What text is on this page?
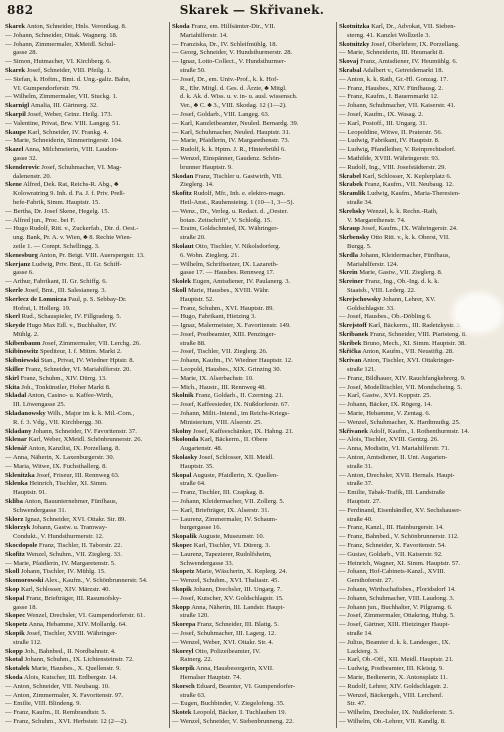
882	Skarek — Skřivanek.
Skarek Anton, Schneider, Hnls. Veronikag. 8.
— Johann, Schneider, Ottak. Wagnerg. 18.
— Johann, Zimmermaler, XMeidl. Schul-
gasse 28.
— Simon, Hutmacher, VI. Kirchberg. 6.
Skarek Josef, Schneider, VIII. Pfeilg. 1.
— Stefan, k. Hoftm., Bmt. d. Ung.-galiz. Bahn,
VI. Gumpendorferstr. 79.
— Wilhelm, Zimmermaler, VII. Stuckg. 1.
Skarnigl Amalia, III. Gärtnerg. 32.
Skarpil Josef, Weber, Grinz. Heilg. 173.
— Valentine, Privat, Brw. VIII. Langeg. 51.
Skaupe Karl, Schneider, IV. Frankg. 4.
— Marie, Schneiderin, Simmeringerstr. 104.
Skazel Anna, Milchmeierin, VIII. Laudon-
gasse 32.
Skenderovic Josef, Schuhmacher, VI. Mag-
dalenenstr. 20.
Skene Alfred, Dek. Rat, Reichs-R. Abg., ♣
Kolowratring 9. Inh. d. Fa. J. f. Priv. Preß-
hefe-Fabrik, Simm. Hauptstr. 15.
— Bertha, Dr. Josef Skene, Hegelg. 15.
— Alfred jun., Proc. bei F.
— Hugo Rudolf, Ritt. v., Zuckerfab., Dir. d. Oest.-
ung. Bank, Pr. A. v. Wien, ♣ 8. Rechte Wien-
zeile 1. — Compt. Schellingg. 3.
Skenesburg Anton, Pr. Beigt. VIII. Auerspergstr. 13.
Skerjanz Ludwig, Priv. Bmt., II. Gr. Schiff-
gasse 6.
— Arthur, Fabrikant, II. Gr. Schiffg. 6.
Skerle Josef, Bmt., III. Salesianerg. 3.
Skerlecz de Lomnicza Paul, p. S. Sebbay-Dr.
Hofrat, I. Hollerg. 19.
Skerl Rud., Schauspieler, IV. Fillgraderg. 5.
Skeyde Hugo Max Edl. v., Buchhalter, IV.
Mühlg. 2.
Skibenbaum Josef, Zimmermaler, VII. Lerchg. 26.
Skibinowitz Spediteur, I. f. Mittm. Markt 2.
Skibniewski Stan., Privat, IV. Wiedner Hptstr. 8.
Skiller Franz, Schneider, VI. Mariahilferstr. 20.
Skirl Franz, Schuhm., XIV. Dürrg. 13.
Skita Joh., Tonkünstler, Hoher Markt 8.
Skladal Anton, Casino- u. Kaffee-Wirth,
III. Löwengasse 25.
Skladanowsky Wilh., Major im k. k. Mil.-Com.,
R. f. 3. Vdg., VII. Kirchbergg. 30.
Skladany Johann, Schneider, IV. Favoritenstr. 37.
Sklenar Karl, Weber, XMeidl. Schönbrunnerstr. 26.
Sklenář Anton, Kanzlist, IX. Porzellang. 8.
— Anna, Näherin, X. Laxenburgerstr. 30.
— Maria, Witwe, IX. Fuchsthallerg. 8.
Sklenitzka Josef, Friseur, III. Rennweg 63.
Sklenka Heinrich, Tischler, XI. Simm.
Hauptstr. 91.
Skliba Anton, Bauunternehmer, Fünfhaus,
Schwendergasse 31.
Sklorz Ignaz, Schneider, XVI. Ottakr. Str. 89.
Sklorzyk Johann, Gastw. u. Tramway-
Condukt., V. Hundsthurmerstr. 12.
Skocdopole Franz, Tischler, II. Taborstr. 22.
Skofitz Wenzel, Schuhm., VII. Zieglerg. 33.
— Marie, Pfaidlerin, IV. Margaretenstr. 5.
Skoll Johann, Tischler, IV. Mühlg. 15.
Skomorowski Alex., Kaufm., V. Schönbrunnerstr. 54.
Skop Karl, Schlosser, XIV. Märzstr. 40.
Skopal Franz, Briefträger, III. Rasumofsky-
gasse 18.
Skopec Wenzel, Drechsler, VI. Gumpendorferstr. 61.
Skopetz Anna, Hebamme, XIV. Mollardg. 64.
Skopik Josef, Tischler, XVIII. Währinger-
straße 112.
Skopp Joh., Bahnbed., II. Nordbahnstr. 4.
Skotal Johann, Schuhm., IX. Lichtensteinstr. 72.
Skotalek Marie, Hausbes., X. Quellenstr. 9.
Skoda Alois, Kutscher, III. Erdbergstr. 14.
— Anton, Schneider, VII. Neubaug. 10.
— Anton, Zimmermaler, X. Favoritenstr. 97.
— Emilie, VIII. Blindeng. 9.
— Franz, Kaufm., II. Rembrandtstr. 5.
— Franz, Schuhm., XVI. Herbststr. 12 (2—2).
Skoda Franz, em. Hilfsämter-Dir., VII.
Mariahilferstr. 14.
— Franziska, Dr., IV. Schleifmühlg. 18.
— Georg, Schneider, V. Hundsthurmerstr. 28.
— Ignaz, Lotto-Collect., V. Hundsthurmer-
straße 50.
— Josef, Dr., em. Univ.-Prof., k. k. Hof-
R., Ehr. Mitgl. d. Ges. d. Ärzte, ♣ Mitgl.
d. k. Ak. d. Wiss. u. v. in- u. ausl. wissensch.
Ver., ♣ C. ♣ 3., VIII. Skodag. 12 (1—2).
— Josef, Goldarb., VIII. Langeg. 63.
— Karl, Kanzleibeamter, Neuled. Bernardg. 39.
— Karl, Schuhmacher, Neuled. Hauptstr. 31.
— Marie, Pfaidlerin, IV. Margarethenstr. 73.
— Rudolf, k. k. Hptm. J. R., Hinterbrühl 6.
— Wenzel, Einspänner, Gaudenz. Schön-
brunner Hauptstr. 9.
Skodan Franz, Tischler u. Gastwirth, VII.
Zieglerg. 14.
Skofitz Rudolf, Mfr., Inh. e. elektro-magn.
Heil-Anst., Rauhensteing. 1 (10—1, 3—5).
— Wenz., Dr., Verleg. u. Redact. d. „Oester.
botan. Zeitschrift“, V. Schloßg. 15.
— Eraim, Goldschmied, IX. Währinger-
straße 20.
Skolaut Otto, Tischler, V. Nikolsdorferg.
6. Wohn. Zieglerg. 21.
— Wilhelm, Schriftsetzer, IX. Lazareth-
gasse 17. — Hausbes. Rennweg 17.
Skolek Eugen, Amtsdiener, IV. Paulanerg. 3.
Skoll Marie, Hausbes., XVIII. Währ.
Hauptstr. 52.
— Franz, Schuhm., XVI. Hauptstr. 89.
— Hugo, Fabrikant, Hietzing 3.
— Ignaz, Malermeister, X. Favoritenstr. 149.
— Josef, Postbeamter, XIII. Penzinger-
straße 88.
— Josef, Tischler, VII. Zieglerg. 26.
— Johann, Kaufm., IV. Wiedner Hauptstr. 12.
— Leopold, Hausbes., XIX. Grinzing 30.
— Marie, IX. Alserbachstr. 10.
— Mich., Haustr., III. Rennweg 48.
Skolnik Franz, Goldarb., II. Czerning. 21.
— Josef, Kaffeesieder, IX. Nußdorferstr. 67.
— Johann, Milit.-Intend., im Reichs-Kriegs-
Ministerium, VIII. Alserstr. 25.
Skolny Josef, Kaffeeschänker, IX. Hahng. 21.
Skolonda Karl, Bäckerm., II. Obere
Augartenstr. 48.
Skolasky Josef, Schlosser, XII. Meidl.
Hauptstr. 35.
Skopal Auguste, Pfaidlerin, X. Quellen-
straße 64.
— Franz, Tischler, III. Czapkag. 8.
— Johann, Kleidermacher, VII. Zollerg. 5.
— Karl, Briefträger, IX. Alserstr. 31.
— Laurenz, Zimmermaler, IV. Schaum-
burgergasse 16.
Skopalik Auguste, Museumstr. 10.
Skopec Karl, Tischler, VI. Dürerg. 3.
— Laurenz, Tapezierer, Rudolfsheim,
Schwendergasse 33.
Skopetz Marie, Wäscherin, X. Keplerg. 24.
— Wenzel, Schuhm., XVI. Thaliastr. 45.
Skopik Johann, Drechsler, III. Ungarg. 7.
— Josef, Kutscher, XV. Goldschlagstr. 15.
Skopp Anna, Näherin, III. Landstr. Haupt-
straße 120.
Skorepa Franz, Schneider, III. Blattg. 5.
— Josef, Schuhmacher, III. Lagerg. 12.
— Wenzel, Weber, XVI. Ottakr. Str. 4.
Skoreyl Otto, Polizeibeamter, IV.
Rainerg. 22.
Skorpik Anna, Hausbesorgerin, XVII.
Hernalser Hauptstr. 74.
Skorsch Eduard, Beamter, VI. Gumpendorfer-
straße 63.
— Eugen, Buchbinder, V. Ziegelofeng. 35.
Skotek Leopold, Bäcker, I. Tuchlauben 19.
— Wenzel, Schneider, V. Siebenbrunneng. 22.
Skotnitzka Karl, Dr., Advokat, VII. Sieben-
sterng. 41. Kanzlei Wollzeile 3.
Skotnitzky Josef, Oberlehrer, IX. Porzellang.
— Marie, Schneiderin, III. Heumarkt 8.
Skovaj Franz, Amtsdiener, IV. Heumühlg. 6.
Skrabal Adalbert v., Getreidemarkt 18.
— Anton, k. k. Rath, Gr.-Hl. Gonzag. 17.
— Franz, Hausbes., XIV. Fünfhausg. 2.
— Franz, Kaufm., I. Bauernmarkt 12.
— Johann, Schuhmacher, VII. Kaiserstr. 41.
— Josef, Kaufm., IX. Wasag. 2.
— Karl, Postoff., III. Ungarg. 31.
— Leopoldine, Witwe, II. Praterstr. 56.
— Ludwig, Fabrikant, IV. Hauptstr. 8.
— Ludwig, Pfandleiher, V. Reinprechtsdorf.
— Mathilde, XVIII. Währingerstr. 93.
— Rudolf, Ing., VIII. Josefstädterstr. 29.
Skrabel Karl, Schlosser, X. Keplerplatz 6.
Skrabek Franz, Kaufm., VII. Neubaug. 12.
Skramlik Ludwig, Kaufm., Maria-Theresien-
straße 34.
Skrehsky Wenzel, k. k. Rechn.-Rath,
V. Margarethenstr. 74.
Skraup Josef, Kaufm., IX. Währingerstr. 24.
Skrbensky Otto Ritt. v., k. k. Oberst, VII.
Burgg. 5.
Skrdla Johann, Kleidermacher, Fünfhaus,
Mariahilferstr. 124.
Skrein Marie, Gastw., VII. Zieglerg. 8.
Skreiner Franz, Ing., Ob.-Ing. d. k. k.
Staatsb., VIII. Lederg. 22.
Skrejschowsky Johann, Lehrer, XV.
Goldschlagstr. 33.
— Josef, Hausbes., Ob.-Döbling 6.
Skrejstoff Karl, Bäckerm., III. Radetzkystr. 3.
Skribanek Franz, Schneider, VIII. Piaristeng. 8.
Skribek Bruno, Mech., XI. Simm. Hauptstr. 38.
Skřička Anton, Kaufm., VII. Neustiftg. 28.
Skrivan Anton, Tischler, XVI. Ottakringer-
straße 121.
— Franz, Bildhauer, XIV. Rauchfangkehrerg. 9.
— Josef, Modelltischler, VII. Mondscheing. 5.
— Karl, Gastw., XVI. Koppstr. 25.
— Johann, Bäcker, IX. Rögerg. 14.
— Marie, Hebamme, V. Zentag. 6.
— Wenzel, Schuhmacher, X. Hardtmuthg. 25.
Skřivanek Adolf, Kaufm., I. Rothenthurmstr. 14.
— Alois, Tischler, XVIII. Gentzg. 26.
— Anna, Modistin, VI. Mariahilferstr. 71.
— Anton, Amtsdiener, II. Unt. Augarten-
straße 31.
— Anton, Drechsler, XVII. Hernals. Haupt-
straße 37.
— Emilie, Tabak-Trafik, III. Landstraße
Hauptstr. 27.
— Ferdinand, Eisenhändler, XV. Sechshauser-
straße 40.
— Franz, Kanzl., III. Hainburgerstr. 14.
— Franz, Bahnbed., V. Schönbrunnerstr. 112.
— Franz, Schneider, X. Favoritenstr. 54.
— Gustav, Goldarb., VII. Kaiserstr. 92.
— Heinrich, Wagner, XI. Simm. Hauptstr. 57.
— Johann, Hof-Cabinets-Kanzl., XVIII.
Gersthoferstr. 27.
— Johann, Wirthschaftsbes., Floridsdorf 14.
— Johann, Schuhmacher, VIII. Laudong. 3.
— Johann jun., Buchhalter, V. Pilgramg. 6.
— Josef, Zimmermaler, Ottakring, Hubg. 5.
— Josef, Gärtner, XIII. Hietzinger Haupt-
straße 14.
— Julius, Beamter d. k. k. Landesger., IX.
Lackierg. 3.
— Karl, Ob.-Off., XII. Meidl. Hauptstr. 21.
— Ludwig, Postbeamter, III. Kleistg. 9.
— Marie, Bedienerin, X. Antonsplatz 11.
— Rudolf, Lehrer, XIV. Goldschlagstr. 2.
— Wenzel, Bäckergeh., VIII. Lerchenf.
Str. 47.
— Wilhelm, Drechsler, IX. Nußdorferstr. 5.
— Wilhelm, Ob.-Lehrer, VII. Kandlg. 8.
